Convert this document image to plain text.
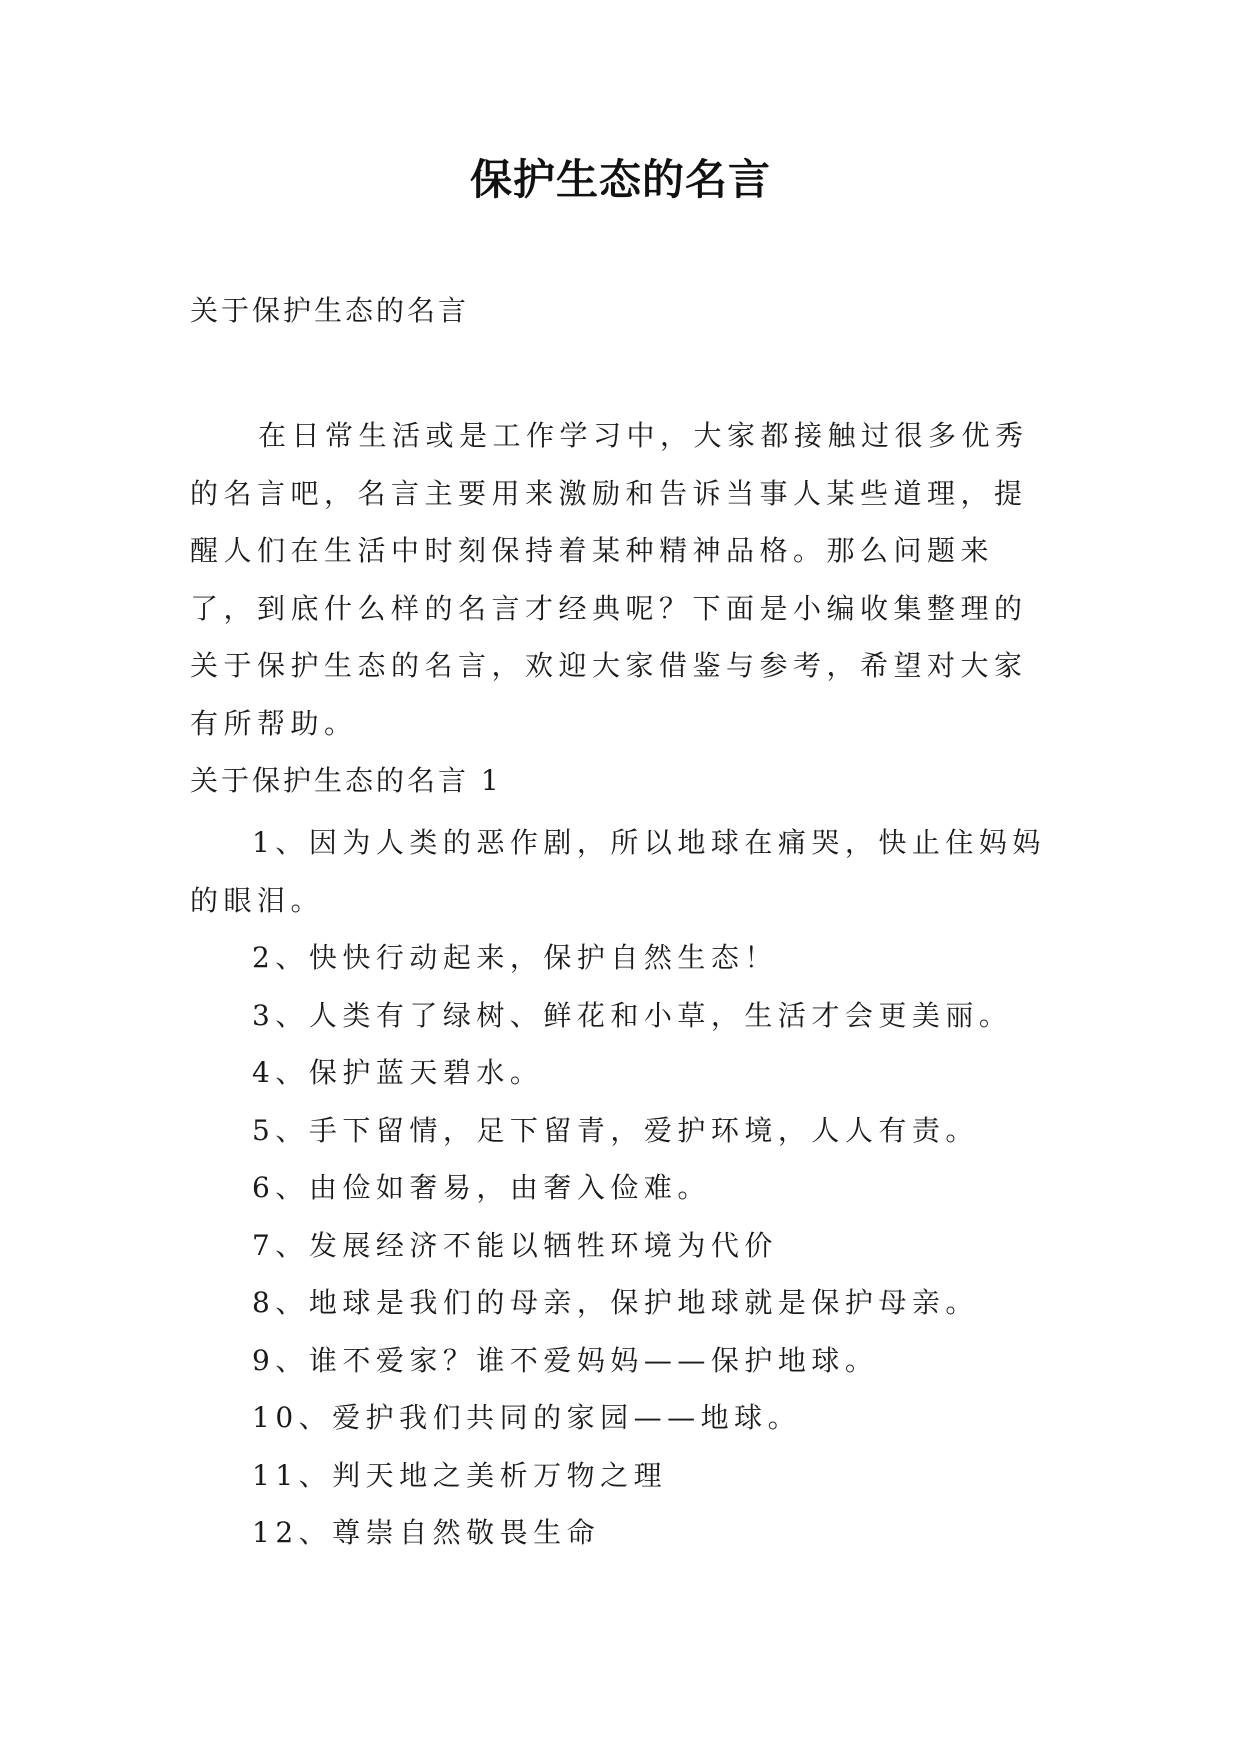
保护生态的名言
关于保护生态的名言

在日常生活或是工作学习中，大家都接触过很多优秀的名言吧，名言主要用来激励和告诉当事人某些道理，提醒人们在生活中时刻保持着某种精神品格。那么问题来了，到底什么样的名言才经典呢？下面是小编收集整理的关于保护生态的名言，欢迎大家借鉴与参考，希望对大家有所帮助。

关于保护生态的名言 1
1、因为人类的恶作剧，所以地球在痛哭，快止住妈妈的眼泪。
2、快快行动起来，保护自然生态！
3、人类有了绿树、鲜花和小草，生活才会更美丽。
4、保护蓝天碧水。
5、手下留情，足下留青，爱护环境，人人有责。
6、由俭如奢易，由奢入俭难。
7、发展经济不能以牺牲环境为代价
8、地球是我们的母亲，保护地球就是保护母亲。
9、谁不爱家？谁不爱妈妈——保护地球。
10、爱护我们共同的家园——地球。
11、判天地之美析万物之理
12、尊崇自然敬畏生命
